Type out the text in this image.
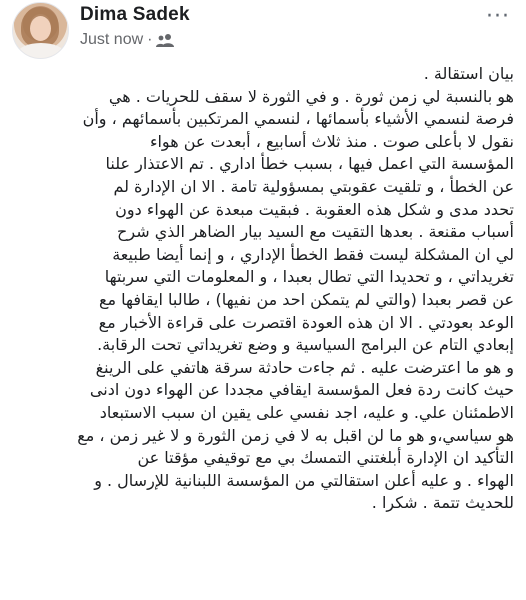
Dima Sadek
Just now ·
···
بيان استقالة .
هو بالنسبة لي زمن ثورة . و في الثورة لا سقف للحريات . هي
فرصة لنسمي الأشياء بأسمائها ، لنسمي المرتكبين بأسمائهم ، وأن
نقول لا بأعلى صوت . منذ ثلاث أسابيع ، أبعدت عن هواء
المؤسسة التي اعمل فيها ، بسبب خطأ اداري . تم الاعتذار علنا
عن الخطأ ، و تلقيت عقوبتي بمسؤولية تامة . الا ان الإدارة لم
تحدد مدى و شكل هذه العقوبة . فبقيت مبعدة عن الهواء دون
أسباب مقنعة . بعدها التقيت مع السيد بيار الضاهر الذي شرح
لي ان المشكلة ليست فقط الخطأ الإداري ، و إنما أيضا طبيعة
تغريداتي ، و تحديدا التي تطال بعبدا ، و المعلومات التي سربتها
عن قصر بعبدا (والتي لم يتمكن احد من نفيها) ، طالبا ايقافها مع
الوعد بعودتي . الا ان هذه العودة اقتصرت على قراءة الأخبار مع
إبعادي التام عن البرامج السياسية و وضع تغريداتي تحت الرقابة.
و هو ما اعترضت عليه . ثم جاءت حادثة سرقة هاتفي على الرينغ
حيث كانت ردة فعل المؤسسة ايقافي مجددا عن الهواء دون ادنى
الاطمئنان علي. و عليه، اجد نفسي على يقين ان سبب الاستبعاد
هو سياسي،و هو ما لن اقبل به لا في زمن الثورة و لا غير زمن ، مع
التأكيد ان الإدارة أبلغتني التمسك بي مع توقيفي مؤقتا عن
الهواء . و عليه أعلن استقالتي من المؤسسة اللبنانية للإرسال . و
للحديث تتمة . شكرا .
